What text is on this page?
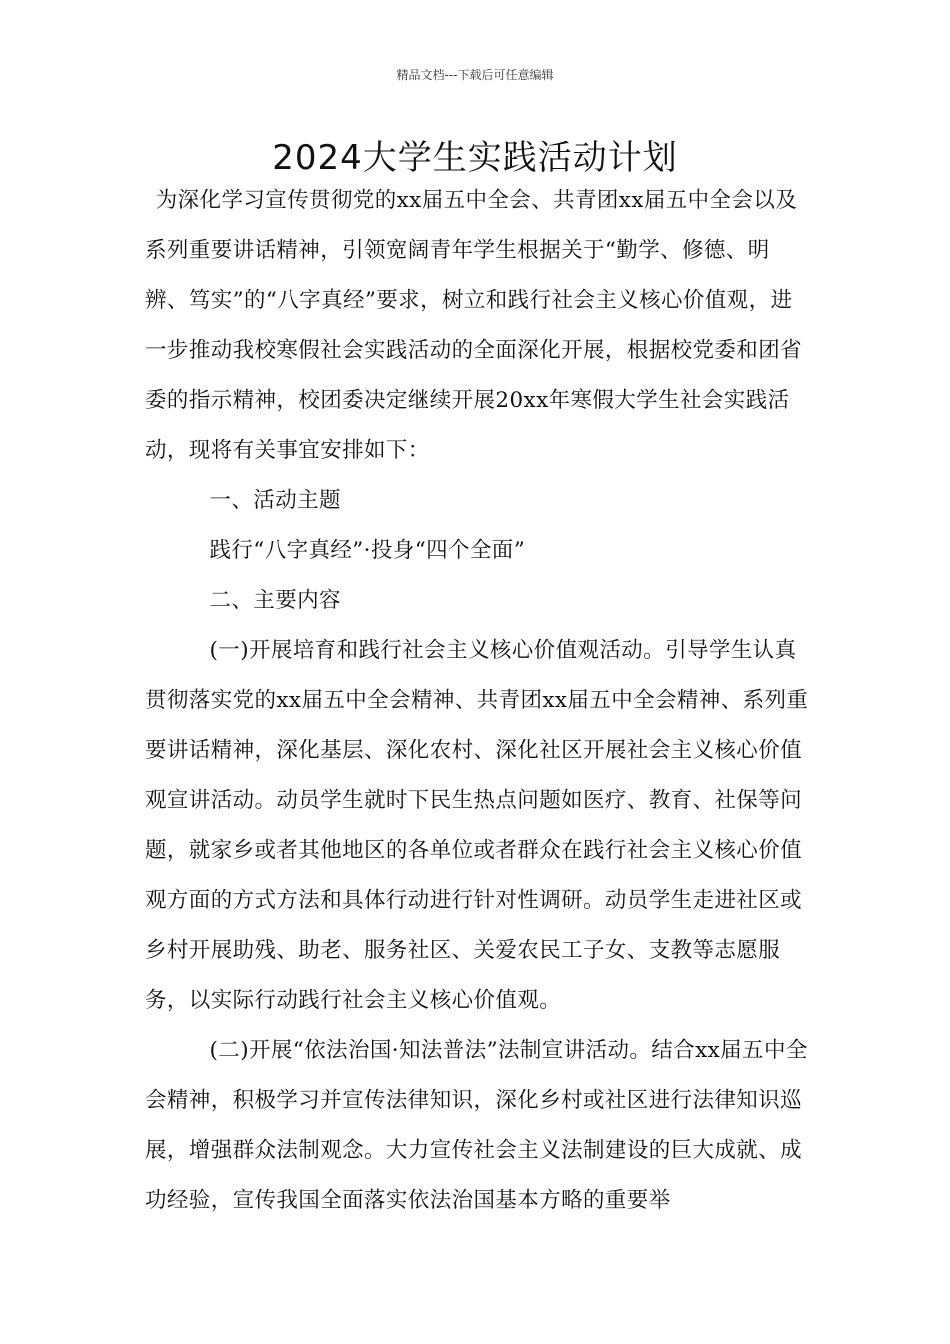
精品文档---下载后可任意编辑
2024大学生实践活动计划

为深化学习宣传贯彻党的xx届五中全会、共青团xx届五中全会以及系列重要讲话精神，引领宽阔青年学生根据关于“勤学、修德、明辨、笃实”的“八字真经”要求，树立和践行社会主义核心价值观，进一步推动我校寒假社会实践活动的全面深化开展，根据校党委和团省委的指示精神，校团委决定继续开展20xx年寒假大学生社会实践活动，现将有关事宜安排如下：

一、活动主题

践行“八字真经”·投身“四个全面”

二、主要内容

(一)开展培育和践行社会主义核心价值观活动。引导学生认真贯彻落实党的xx届五中全会精神、共青团xx届五中全会精神、系列重要讲话精神，深化基层、深化农村、深化社区开展社会主义核心价值观宣讲活动。动员学生就时下民生热点问题如医疗、教育、社保等问题，就家乡或者其他地区的各单位或者群众在践行社会主义核心价值观方面的方式方法和具体行动进行针对性调研。动员学生走进社区或乡村开展助残、助老、服务社区、关爱农民工子女、支教等志愿服务，以实际行动践行社会主义核心价值观。

(二)开展“依法治国·知法普法”法制宣讲活动。结合xx届五中全会精神，积极学习并宣传法律知识，深化乡村或社区进行法律知识巡展，增强群众法制观念。大力宣传社会主义法制建设的巨大成就、成功经验，宣传我国全面落实依法治国基本方略的重要举
